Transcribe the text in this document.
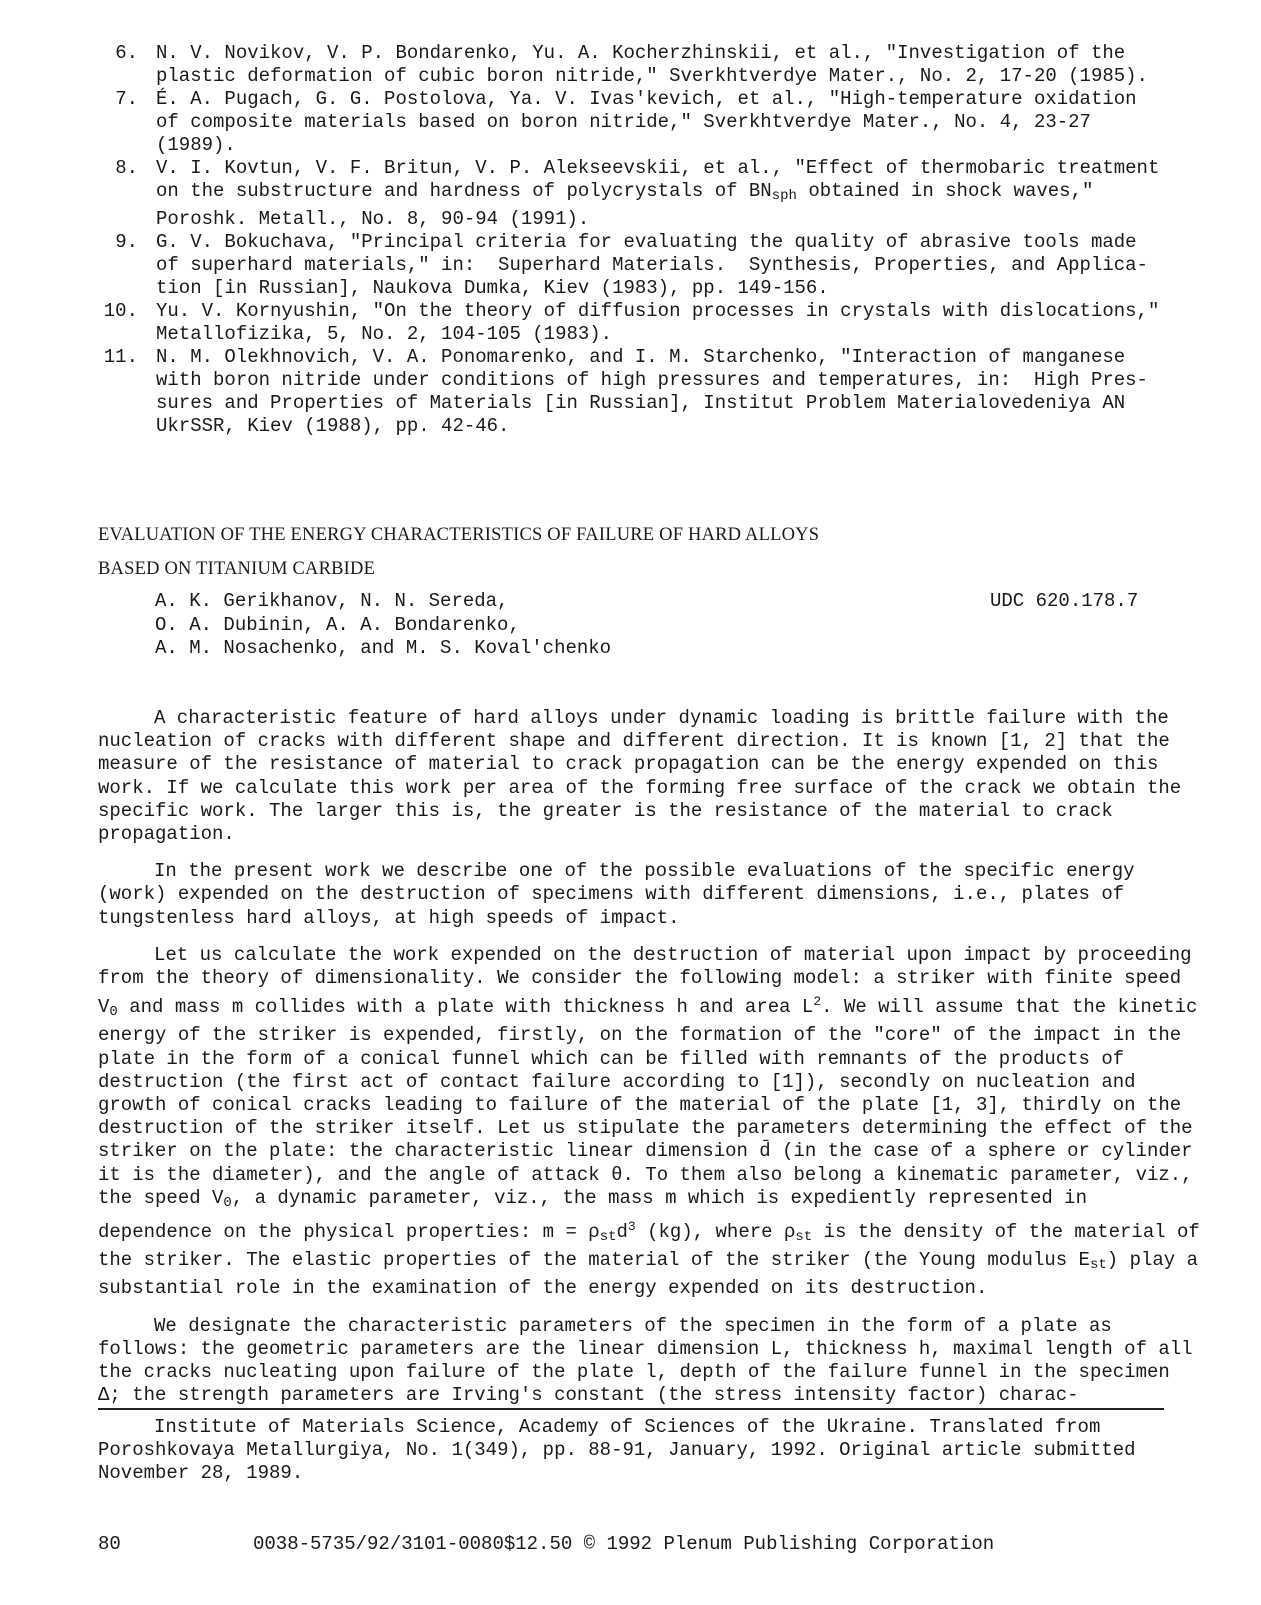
6. N. V. Novikov, V. P. Bondarenko, Yu. A. Kocherzhinskii, et al., "Investigation of the
plastic deformation of cubic boron nitride," Sverkhtverdye Mater., No. 2, 17-20 (1985).
7. É. A. Pugach, G. G. Postolova, Ya. V. Ivas'kevich, et al., "High-temperature oxidation
of composite materials based on boron nitride," Sverkhtverdye Mater., No. 4, 23-27
(1989).
8. V. I. Kovtun, V. F. Britun, V. P. Alekseevskii, et al., "Effect of thermobaric treatment
on the substructure and hardness of polycrystals of $BN_{sph}$ obtained in shock waves,"
Poroshk. Metall., No. 8, 90-94 (1991).
9. G. V. Bokuchava, "Principal criteria for evaluating the quality of abrasive tools made
of superhard materials," in:  Superhard Materials.  Synthesis, Properties, and Applica-
tion [in Russian], Naukova Dumka, Kiev (1983), pp. 149-156.
10. Yu. V. Kornyushin, "On the theory of diffusion processes in crystals with dislocations,"
Metallofizika, 5, No. 2, 104-105 (1983).
11. N. M. Olekhnovich, V. A. Ponomarenko, and I. M. Starchenko, "Interaction of manganese
with boron nitride under conditions of high pressures and temperatures, in:  High Pres-
sures and Properties of Materials [in Russian], Institut Problem Materialovedeniya AN
UkrSSR, Kiev (1988), pp. 42-46.
EVALUATION OF THE ENERGY CHARACTERISTICS OF FAILURE OF HARD ALLOYS
BASED ON TITANIUM CARBIDE
A. K. Gerikhanov, N. N. Sereda,
O. A. Dubinin, A. A. Bondarenko,
A. M. Nosachenko, and M. S. Koval'chenko
UDC 620.178.7

A characteristic feature of hard alloys under dynamic loading is brittle failure with the nucleation of cracks with different shape and different direction. It is known [1, 2] that the measure of the resistance of material to crack propagation can be the energy expended on this work. If we calculate this work per area of the forming free surface of the crack we obtain the specific work. The larger this is, the greater is the resistance of the material to crack propagation.

In the present work we describe one of the possible evaluations of the specific energy (work) expended on the destruction of specimens with different dimensions, i.e., plates of tungstenless hard alloys, at high speeds of impact.

Let us calculate the work expended on the destruction of material upon impact by proceeding from the theory of dimensionality. We consider the following model: a striker with finite speed $V_0$ and mass m collides with a plate with thickness h and area $L^2$. We will assume that the kinetic energy of the striker is expended, firstly, on the formation of the "core" of the impact in the plate in the form of a conical funnel which can be filled with remnants of the products of destruction (the first act of contact failure according to [1]), secondly on nucleation and growth of conical cracks leading to failure of the material of the plate [1, 3], thirdly on the destruction of the striker itself. Let us stipulate the parameters determining the effect of the striker on the plate: the characteristic linear dimension d̄ (in the case of a sphere or cylinder it is the diameter), and the angle of attack θ. To them also belong a kinematic parameter, viz., the speed $V_0$, a dynamic parameter, viz., the mass m which is expediently represented in dependence on the physical properties: $m = \rho_{st}d^3$ (kg), where $\rho_{st}$ is the density of the material of the striker. The elastic properties of the material of the striker (the Young modulus $E_{st}$) play a substantial role in the examination of the energy expended on its destruction.

We designate the characteristic parameters of the specimen in the form of a plate as follows: the geometric parameters are the linear dimension L, thickness h, maximal length of all the cracks nucleating upon failure of the plate l, depth of the failure funnel in the specimen Δ; the strength parameters are Irving's constant (the stress intensity factor) charac-

Institute of Materials Science, Academy of Sciences of the Ukraine. Translated from Poroshkovaya Metallurgiya, No. 1(349), pp. 88-91, January, 1992. Original article submitted November 28, 1989.
80	0038-5735/92/3101-0080$12.50 © 1992 Plenum Publishing Corporation
